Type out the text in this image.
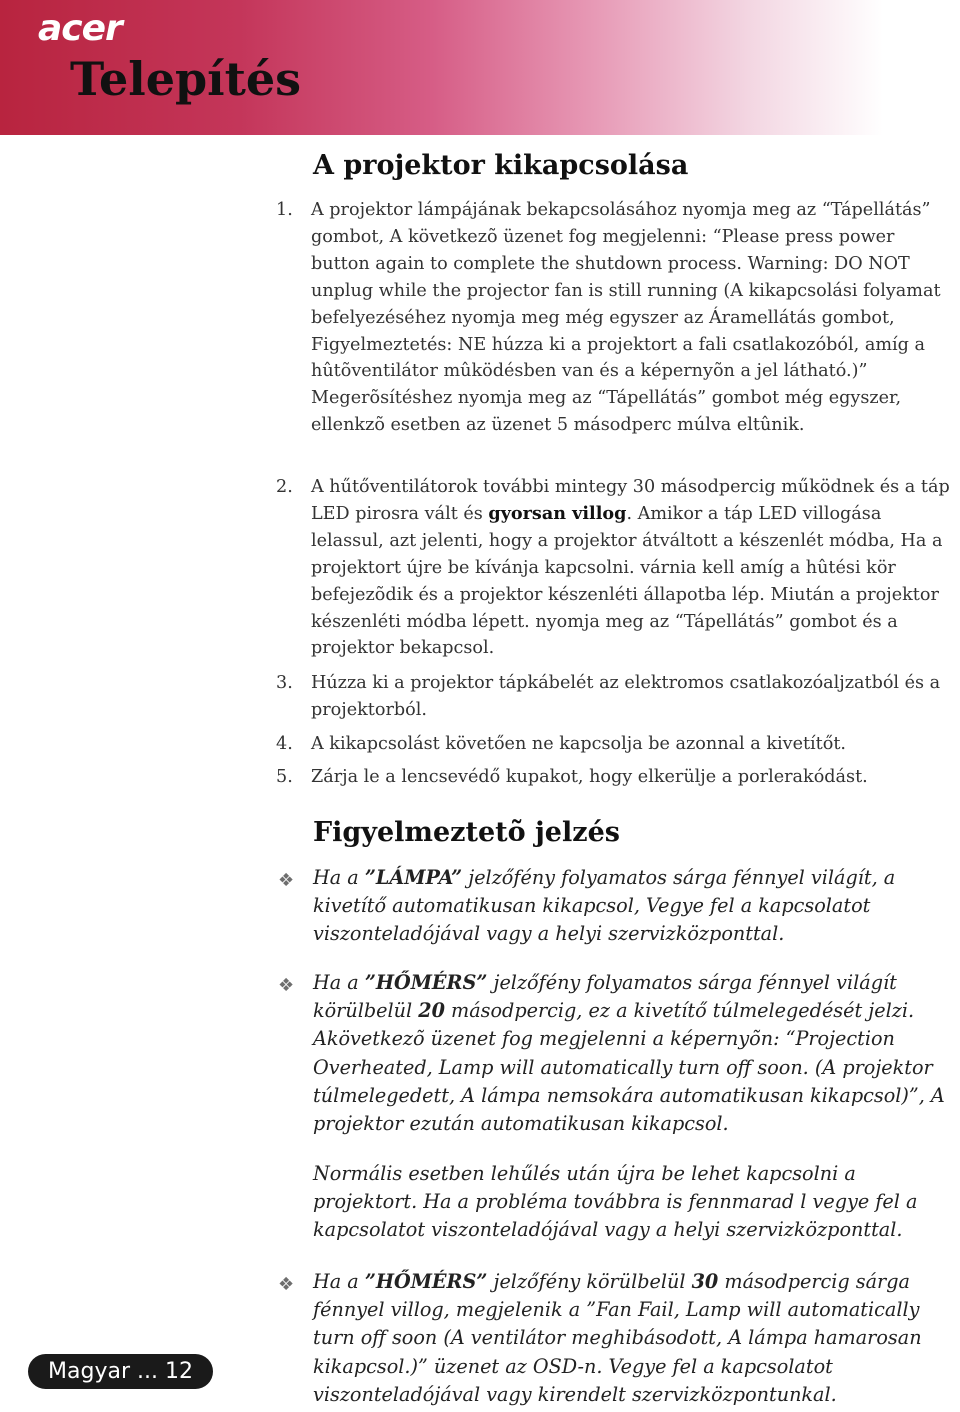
acer
Telepítés
A projektor kikapcsolása
1.	A projektor lámpájának bekapcsolásához nyomja meg az “Tápellátás” gombot, A következõ üzenet fog megjelenni: “Please press power button again to complete the shutdown process. Warning: DO NOT unplug while the projector fan is still running (A kikapcsolási folyamat befelyezéséhez nyomja meg még egyszer az Áramellátás gombot, Figyelmeztetés: NE húzza ki a projektort a fali csatlakozóból, amíg a hûtõventilátor mûködésben van és a képernyõn a jel látható.)” Megerõsítéshez nyomja meg az “Tápellátás” gombot még egyszer, ellenkzõ esetben az üzenet 5 másodperc múlva eltûnik.
2.	A hűtőventilátorok további mintegy 30 másodpercig működnek és a táp LED pirosra vált és gyorsan villog. Amikor a táp LED villogása lelassul, azt jelenti, hogy a projektor átváltott a készenlét módba, Ha a projektort újre be kívánja kapcsolni. várnia kell amíg a hûtési kör befejezõdik és a projektor készenléti állapotba lép. Miután a projektor készenléti módba lépett. nyomja meg az “Tápellátás” gombot és a projektor bekapcsol.
3.	Húzza ki a projektor tápkábelét az elektromos csatlakozóaljzatból és a projektorból.
4.	A kikapcsolást követően ne kapcsolja be azonnal a kivetítőt.
5.	Zárja le a lencsevédő kupakot, hogy elkerülje a porlerakódást.
Figyelmeztetõ jelzés
❖ Ha a ”LÁMPA” jelzőfény folyamatos sárga fénnyel világít, a kivetítő automatikusan kikapcsol, Vegye fel a kapcsolatot viszonteladójával vagy a helyi szervizközponttal.
❖ Ha a ”HŐMÉRS” jelzőfény folyamatos sárga fénnyel világít körülbelül 20 másodpercig, ez a kivetítő túlmelegedését jelzi. Akövetkezõ üzenet fog megjelenni a képernyõn: “Projection Overheated, Lamp will automatically turn off soon. (A projektor túlmelegedett, A lámpa nemsokára automatikusan kikapcsol)”, A projektor ezután automatikusan kikapcsol.
Normális esetben lehűlés után újra be lehet kapcsolni a projektort. Ha a probléma továbbra is fennmarad l vegye fel a kapcsolatot viszonteladójával vagy a helyi szervizközponttal.
❖ Ha a ”HŐMÉRS” jelzőfény körülbelül 30 másodpercig sárga fénnyel villog, megjelenik a ”Fan Fail, Lamp will automatically turn off soon (A ventilátor meghibásodott, A lámpa hamarosan kikapcsol.)” üzenet az OSD-n. Vegye fel a kapcsolatot viszonteladójával vagy kirendelt szervizközpontunkal.
Magyar ... 12
